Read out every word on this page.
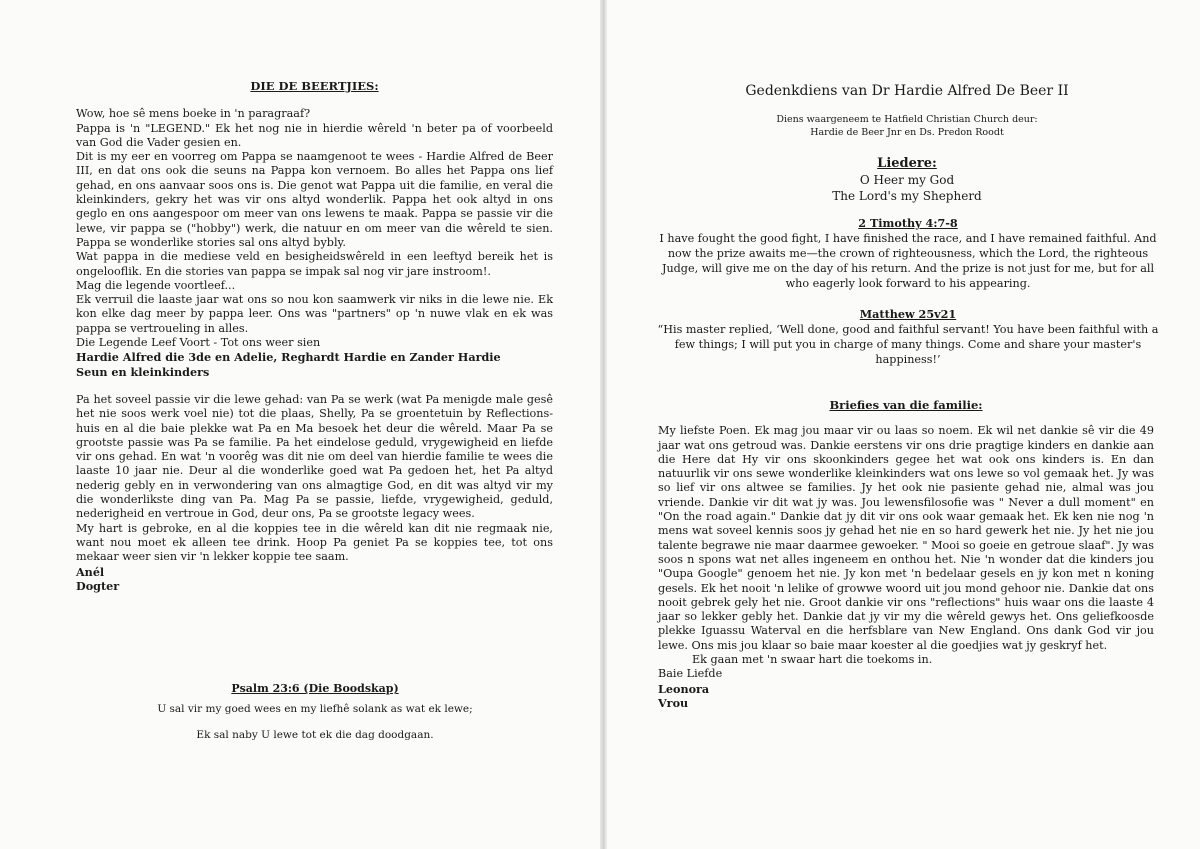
DIE DE BEERTJIES:

Wow, hoe sê mens boeke in 'n paragraaf?

Pappa is 'n "LEGEND." Ek het nog nie in hierdie wêreld 'n beter pa of voorbeeld van God die Vader gesien en.

Dit is my eer en voorreg om Pappa se naamgenoot te wees - Hardie Alfred de Beer III, en dat ons ook die seuns na Pappa kon vernoem. Bo alles het Pappa ons lief gehad, en ons aanvaar soos ons is. Die genot wat Pappa uit die familie, en veral die kleinkinders, gekry het was vir ons altyd wonderlik. Pappa het ook altyd in ons geglo en ons aangespoor om meer van ons lewens te maak. Pappa se passie vir die lewe, vir pappa se ("hobby") werk, die natuur en om meer van die wêreld te sien. Pappa se wonderlike stories sal ons altyd bybly.

Wat pappa in die mediese veld en besigheidswêreld in een leeftyd bereik het is ongelooflik. En die stories van pappa se impak sal nog vir jare instroom!.

Mag die legende voortleef...

Ek verruil die laaste jaar wat ons so nou kon saamwerk vir niks in die lewe nie. Ek kon elke dag meer by pappa leer. Ons was "partners" op 'n nuwe vlak en ek was pappa se vertroueling in alles.

Die Legende Leef Voort - Tot ons weer sien

Hardie Alfred die 3de en Adelie, Reghardt Hardie en Zander Hardie

Seun en kleinkinders

Pa het soveel passie vir die lewe gehad: van Pa se werk (wat Pa menigde male gesê het nie soos werk voel nie) tot die plaas, Shelly, Pa se groentetuin by Reflections-huis en al die baie plekke wat Pa en Ma besoek het deur die wêreld. Maar Pa se grootste passie was Pa se familie. Pa het eindelose geduld, vrygewigheid en liefde vir ons gehad. En wat 'n voorêg was dit nie om deel van hierdie familie te wees die laaste 10 jaar nie. Deur al die wonderlike goed wat Pa gedoen het, het Pa altyd nederig gebly en in verwondering van ons almagtige God, en dit was altyd vir my die wonderlikste ding van Pa. Mag Pa se passie, liefde, vrygewigheid, geduld, nederigheid en vertroue in God, deur ons, Pa se grootste legacy wees.

My hart is gebroke, en al die koppies tee in die wêreld kan dit nie regmaak nie, want nou moet ek alleen tee drink. Hoop Pa geniet Pa se koppies tee, tot ons mekaar weer sien vir 'n lekker koppie tee saam.

Anél

Dogter

Psalm 23:6 (Die Boodskap)

U sal vir my goed wees en my liefhê solank as wat ek lewe;

Ek sal naby U lewe tot ek die dag doodgaan.

Gedenkdiens van Dr Hardie Alfred De Beer II

Diens waargeneem te Hatfield Christian Church deur:

Hardie de Beer Jnr en Ds. Predon Roodt

Liedere:

O Heer my God

The Lord's my Shepherd

2 Timothy 4:7-8

I have fought the good fight, I have finished the race, and I have remained faithful. And now the prize awaits me—the crown of righteousness, which the Lord, the righteous Judge, will give me on the day of his return. And the prize is not just for me, but for all who eagerly look forward to his appearing.

Matthew 25v21

“His master replied, ‘Well done, good and faithful servant! You have been faithful with a few things; I will put you in charge of many things. Come and share your master's happiness!’

Briefies van die familie:

My liefste Poen. Ek mag jou maar vir ou laas so noem. Ek wil net dankie sê vir die 49 jaar wat ons getroud was. Dankie eerstens vir ons drie pragtige kinders en dankie aan die Here dat Hy vir ons skoonkinders gegee het wat ook ons kinders is. En dan natuurlik vir ons sewe wonderlike kleinkinders wat ons lewe so vol gemaak het. Jy was so lief vir ons altwee se families. Jy het ook nie pasiente gehad nie, almal was jou vriende. Dankie vir dit wat jy was. Jou lewensfilosofie was " Never a dull moment" en "On the road again." Dankie dat jy dit vir ons ook waar gemaak het. Ek ken nie nog 'n mens wat soveel kennis soos jy gehad het nie en so hard gewerk het nie. Jy het nie jou talente begrawe nie maar daarmee gewoeker. " Mooi so goeie en getroue slaaf". Jy was soos n spons wat net alles ingeneem en onthou het. Nie 'n wonder dat die kinders jou "Oupa Google" genoem het nie. Jy kon met 'n bedelaar gesels en jy kon met n koning gesels. Ek het nooit 'n lelike of growwe woord uit jou mond gehoor nie. Dankie dat ons nooit gebrek gely het nie. Groot dankie vir ons "reflections" huis waar ons die laaste 4 jaar so lekker gebly het. Dankie dat jy vir my die wêreld gewys het. Ons geliefkoosde plekke Iguassu Waterval en die herfsblare van New England. Ons dank God vir jou lewe. Ons mis jou klaar so baie maar koester al die goedjies wat jy geskryf het.

Ek gaan met 'n swaar hart die toekoms in.

Baie Liefde

Leonora

Vrou
